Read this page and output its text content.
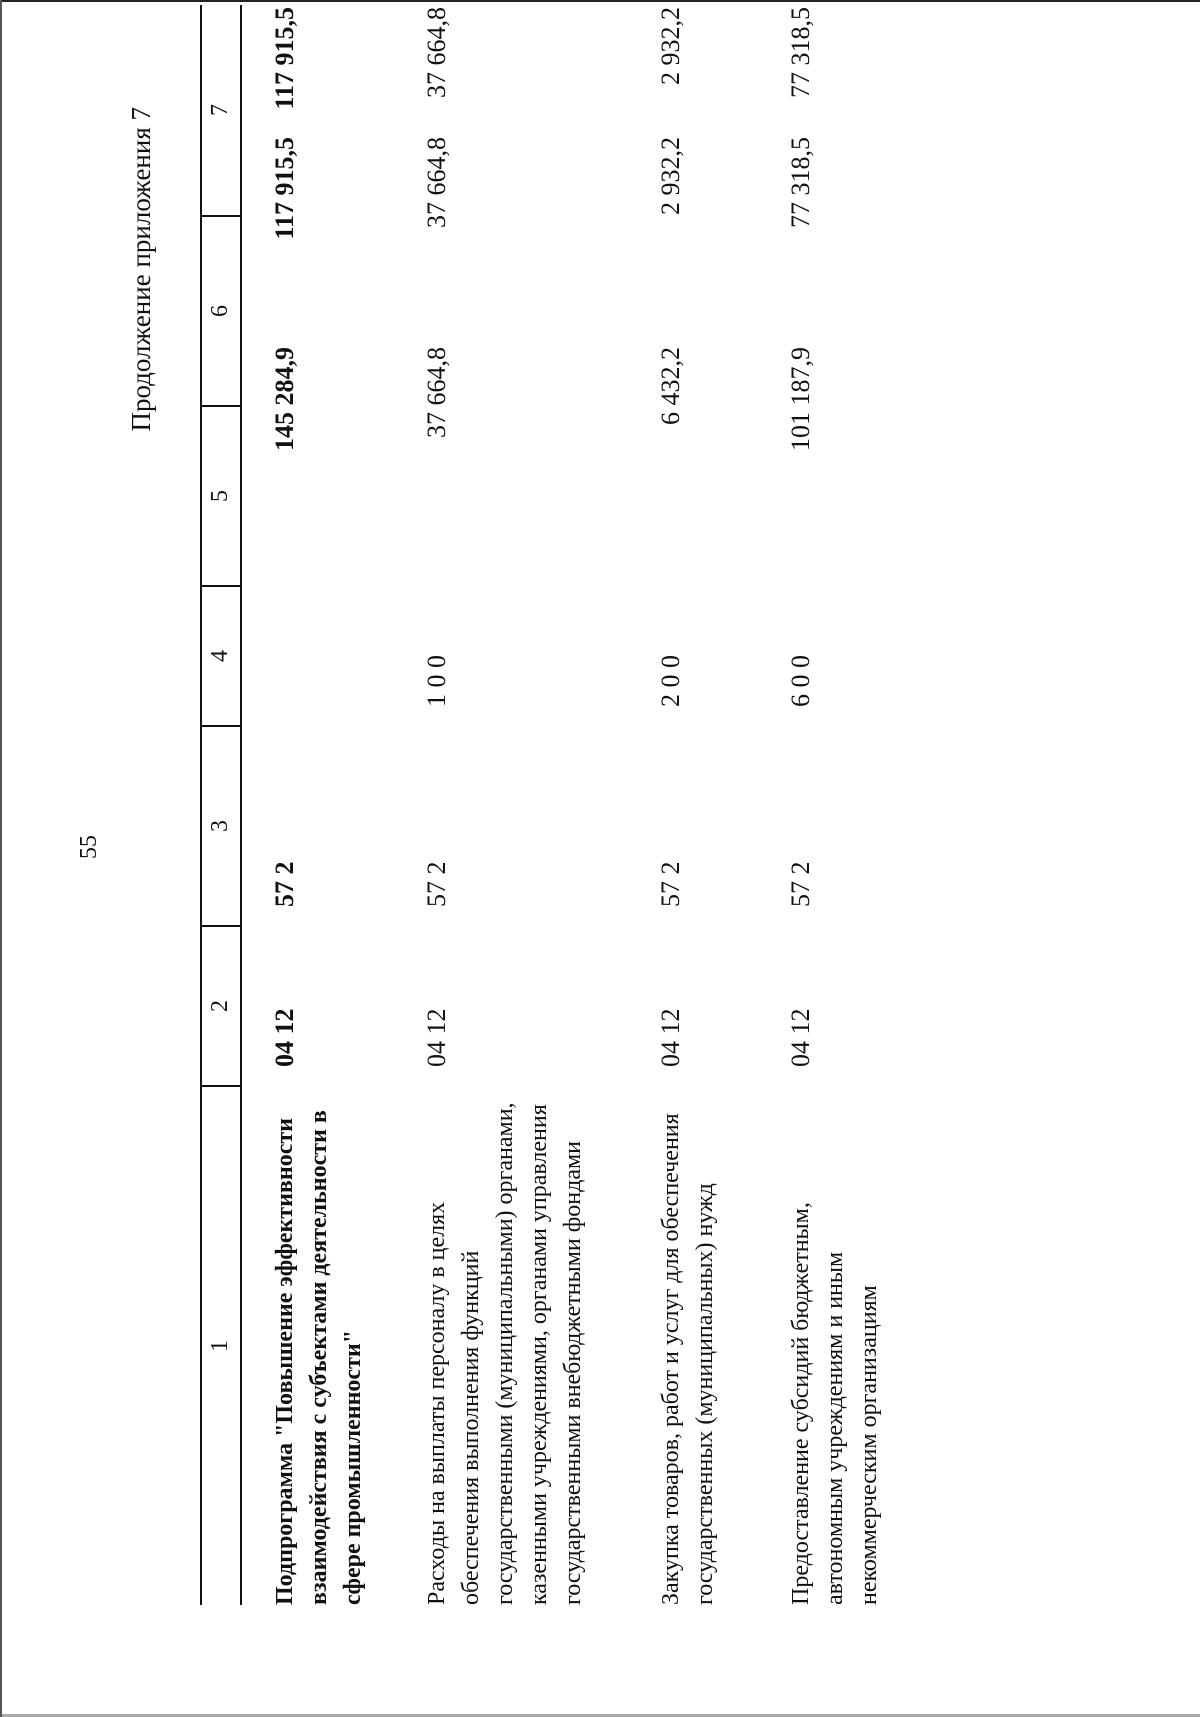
55
Продолжение приложения 7
1
2
3
4
5
6
7
Подпрограмма "Повышение эффективности взаимодействия с субъектами деятельности в сфере промышленности"
04 12
57 2
145 284,9
117 915,5
117 915,5
Расходы на выплаты персоналу в целях обеспечения выполнения функций государственными (муниципальными) органами, казенными учреждениями, органами управления государственными внебюджетными фондами
04 12
57 2
1 0 0
37 664,8
37 664,8
37 664,8
Закупка товаров, работ и услуг для обеспечения государственных (муниципальных) нужд
04 12
57 2
2 0 0
6 432,2
2 932,2
2 932,2
Предоставление субсидий бюджетным, автономным учреждениям и иным некоммерческим организациям
04 12
57 2
6 0 0
101 187,9
77 318,5
77 318,5
